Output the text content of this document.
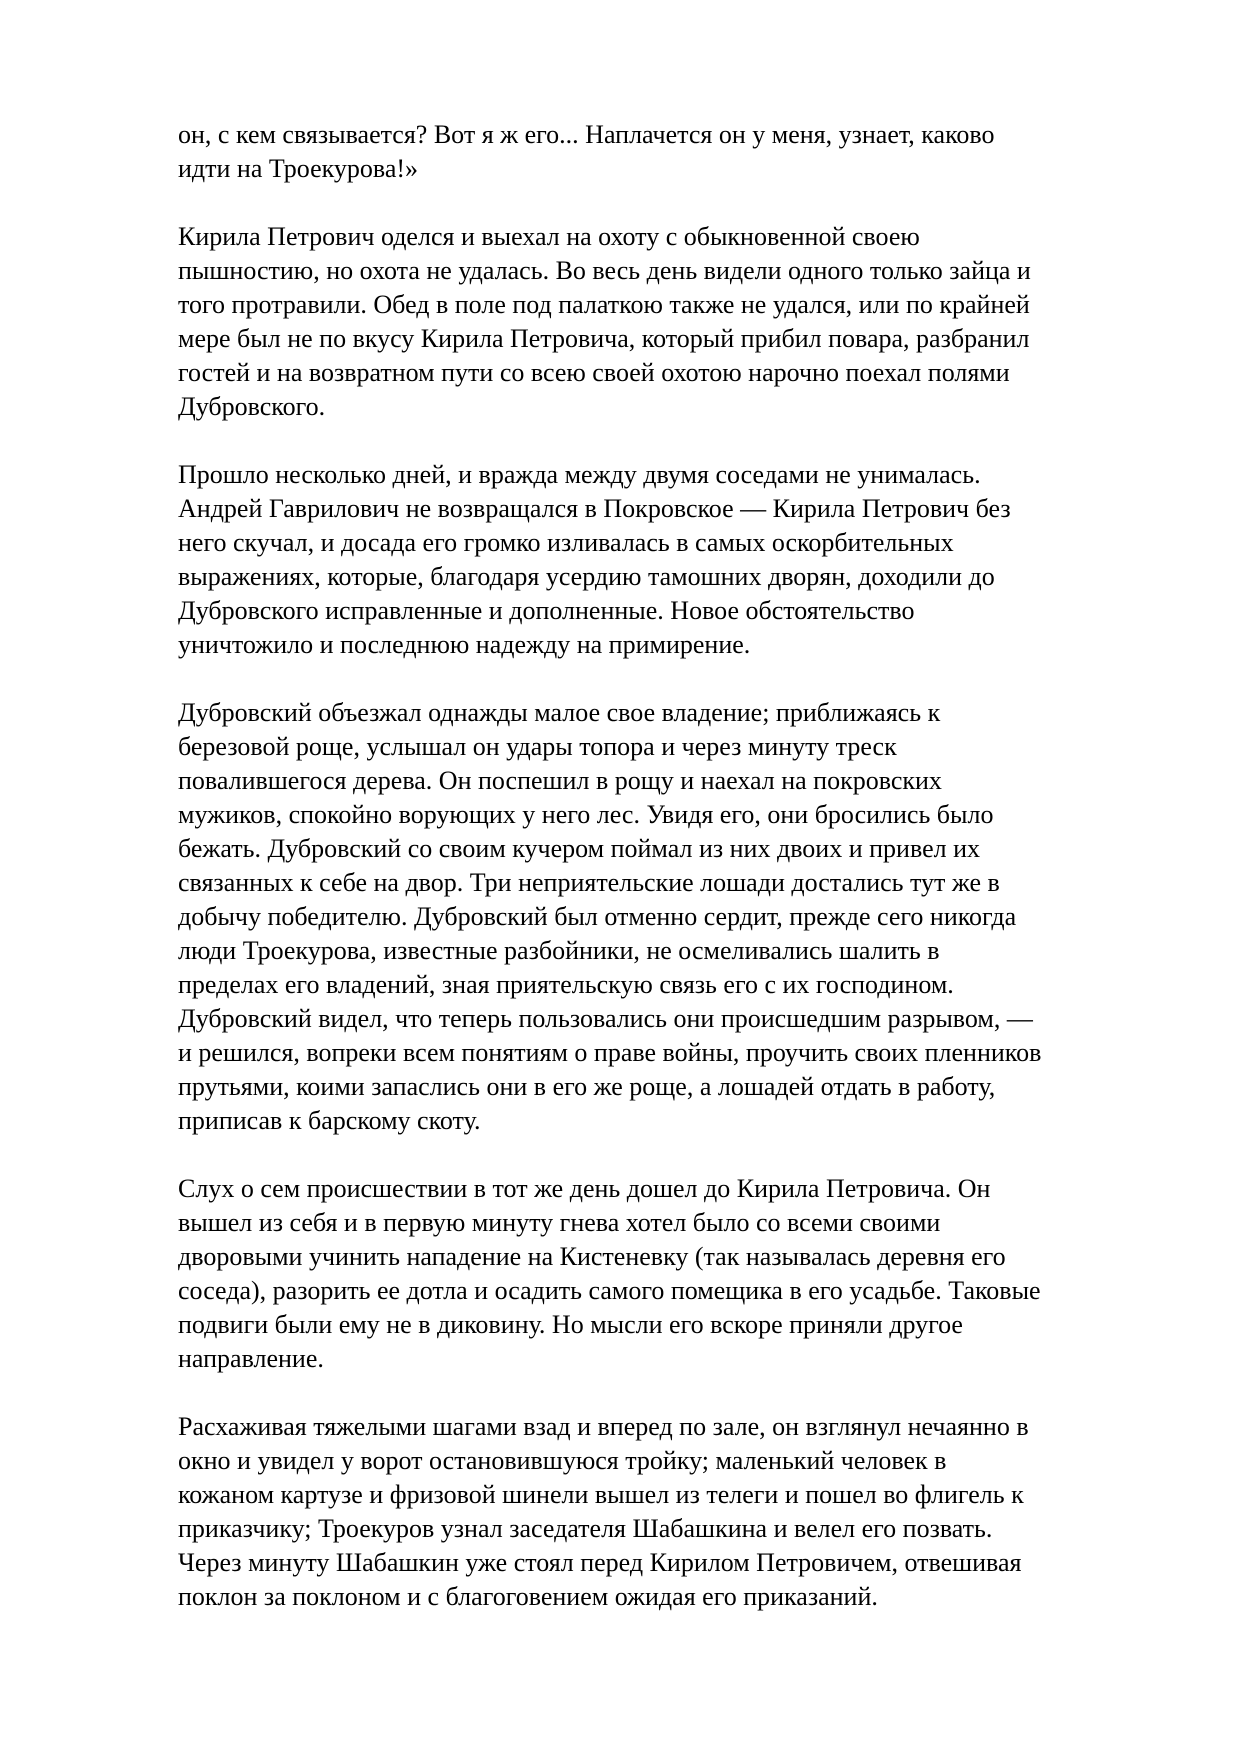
он, с кем связывается? Вот я ж его... Наплачется он у меня, узнает, каково
идти на Троекурова!»

Кирила Петрович оделся и выехал на охоту с обыкновенной своею
пышностию, но охота не удалась. Во весь день видели одного только зайца и
того протравили. Обед в поле под палаткою также не удался, или по крайней
мере был не по вкусу Кирила Петровича, который прибил повара, разбранил
гостей и на возвратном пути со всею своей охотою нарочно поехал полями
Дубровского.

Прошло несколько дней, и вражда между двумя соседами не унималась.
Андрей Гаврилович не возвращался в Покровское — Кирила Петрович без
него скучал, и досада его громко изливалась в самых оскорбительных
выражениях, которые, благодаря усердию тамошних дворян, доходили до
Дубровского исправленные и дополненные. Новое обстоятельство
уничтожило и последнюю надежду на примирение.

Дубровский объезжал однажды малое свое владение; приближаясь к
березовой роще, услышал он удары топора и через минуту треск
повалившегося дерева. Он поспешил в рощу и наехал на покровских
мужиков, спокойно ворующих у него лес. Увидя его, они бросились было
бежать. Дубровский со своим кучером поймал из них двоих и привел их
связанных к себе на двор. Три неприятельские лошади достались тут же в
добычу победителю. Дубровский был отменно сердит, прежде сего никогда
люди Троекурова, известные разбойники, не осмеливались шалить в
пределах его владений, зная приятельскую связь его с их господином.
Дубровский видел, что теперь пользовались они происшедшим разрывом, —
и решился, вопреки всем понятиям о праве войны, проучить своих пленников
прутьями, коими запаслись они в его же роще, а лошадей отдать в работу,
приписав к барскому скоту.

Слух о сем происшествии в тот же день дошел до Кирила Петровича. Он
вышел из себя и в первую минуту гнева хотел было со всеми своими
дворовыми учинить нападение на Кистеневку (так называлась деревня его
соседа), разорить ее дотла и осадить самого помещика в его усадьбе. Таковые
подвиги были ему не в диковину. Но мысли его вскоре приняли другое
направление.

Расхаживая тяжелыми шагами взад и вперед по зале, он взглянул нечаянно в
окно и увидел у ворот остановившуюся тройку; маленький человек в
кожаном картузе и фризовой шинели вышел из телеги и пошел во флигель к
приказчику; Троекуров узнал заседателя Шабашкина и велел его позвать.
Через минуту Шабашкин уже стоял перед Кирилом Петровичем, отвешивая
поклон за поклоном и с благоговением ожидая его приказаний.
